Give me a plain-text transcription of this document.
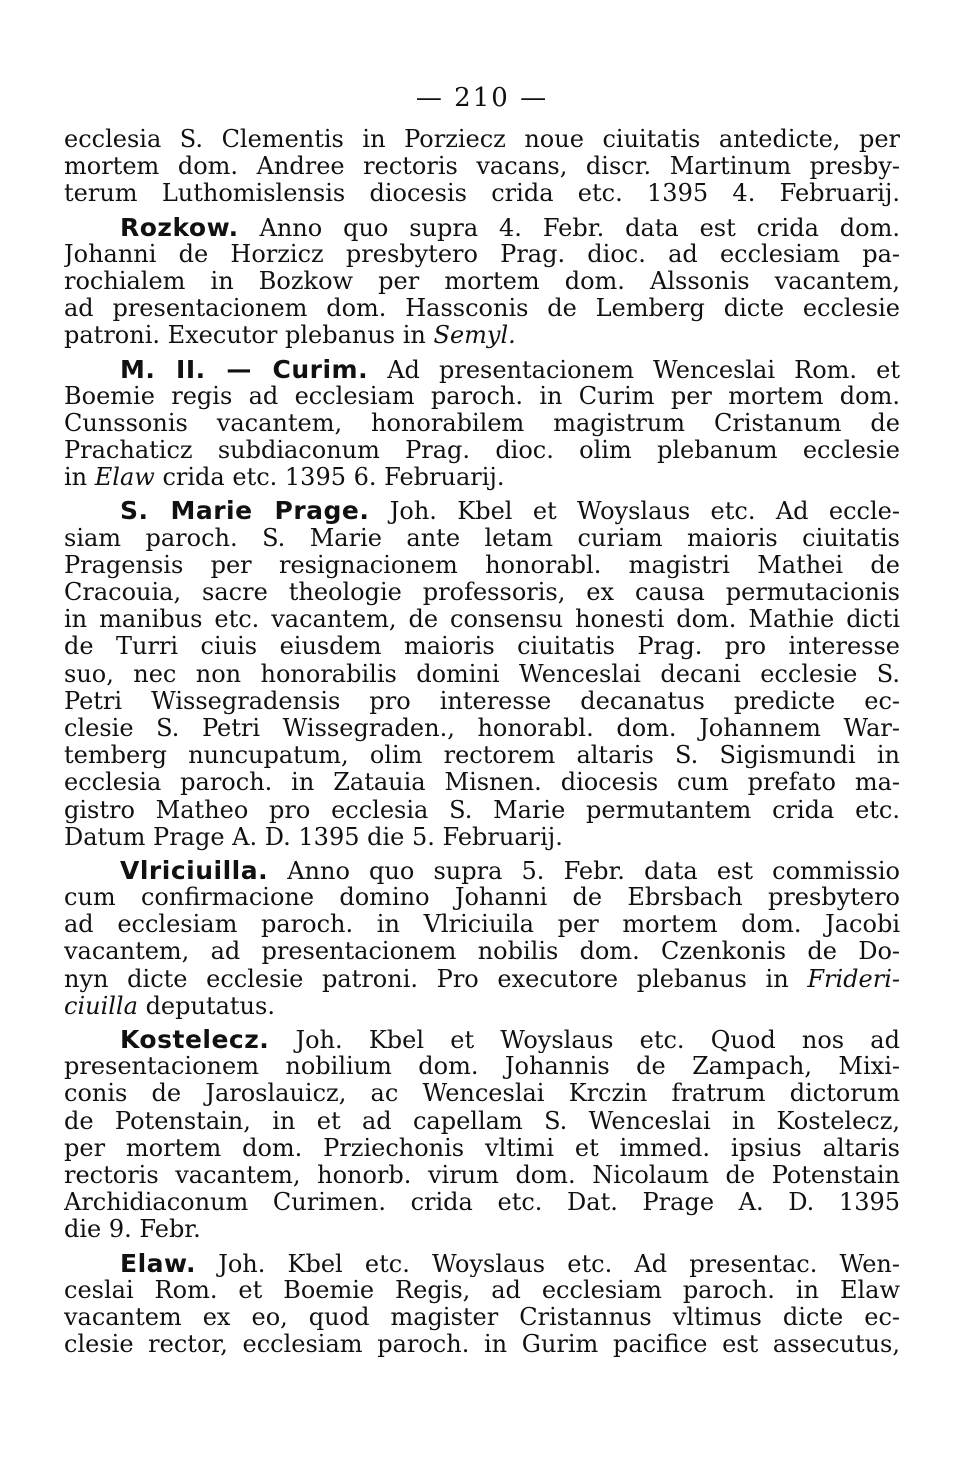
— 210 —
ecclesia S. Clementis in Porziecz noue ciuitatis antedicte, per
mortem dom. Andree rectoris vacans, discr. Martinum presby-
terum Luthomislensis diocesis crida etc. 1395 4. Februarij.
Rozkow. Anno quo supra 4. Febr. data est crida dom.
Johanni de Horzicz presbytero Prag. dioc. ad ecclesiam pa-
rochialem in Bozkow per mortem dom. Alssonis vacantem,
ad presentacionem dom. Hassconis de Lemberg dicte ecclesie
patroni. Executor plebanus in Semyl.
M. II. — Curim. Ad presentacionem Wenceslai Rom. et
Boemie regis ad ecclesiam paroch. in Curim per mortem dom.
Cunssonis vacantem, honorabilem magistrum Cristanum de
Prachaticz subdiaconum Prag. dioc. olim plebanum ecclesie
in Elaw crida etc. 1395 6. Februarij.
S. Marie Prage. Joh. Kbel et Woyslaus etc. Ad eccle-
siam paroch. S. Marie ante letam curiam maioris ciuitatis
Pragensis per resignacionem honorabl. magistri Mathei de
Cracouia, sacre theologie professoris, ex causa permutacionis
in manibus etc. vacantem, de consensu honesti dom. Mathie dicti
de Turri ciuis eiusdem maioris ciuitatis Prag. pro interesse
suo, nec non honorabilis domini Wenceslai decani ecclesie S.
Petri Wissegradensis pro interesse decanatus predicte ec-
clesie S. Petri Wissegraden., honorabl. dom. Johannem War-
temberg nuncupatum, olim rectorem altaris S. Sigismundi in
ecclesia paroch. in Zatauia Misnen. diocesis cum prefato ma-
gistro Matheo pro ecclesia S. Marie permutantem crida etc.
Datum Prage A. D. 1395 die 5. Februarij.
Vlriciuilla. Anno quo supra 5. Febr. data est commissio
cum confirmacione domino Johanni de Ebrsbach presbytero
ad ecclesiam paroch. in Vlriciuila per mortem dom. Jacobi
vacantem, ad presentacionem nobilis dom. Czenkonis de Do-
nyn dicte ecclesie patroni. Pro executore plebanus in Frideri-
ciuilla deputatus.
Kostelecz. Joh. Kbel et Woyslaus etc. Quod nos ad
presentacionem nobilium dom. Johannis de Zampach, Mixi-
conis de Jaroslauicz, ac Wenceslai Krczin fratrum dictorum
de Potenstain, in et ad capellam S. Wenceslai in Kostelecz,
per mortem dom. Prziechonis vltimi et immed. ipsius altaris
rectoris vacantem, honorb. virum dom. Nicolaum de Potenstain
Archidiaconum Curimen. crida etc. Dat. Prage A. D. 1395
die 9. Febr.
Elaw. Joh. Kbel etc. Woyslaus etc. Ad presentac. Wen-
ceslai Rom. et Boemie Regis, ad ecclesiam paroch. in Elaw
vacantem ex eo, quod magister Cristannus vltimus dicte ec-
clesie rector, ecclesiam paroch. in Gurim pacifice est assecutus,
